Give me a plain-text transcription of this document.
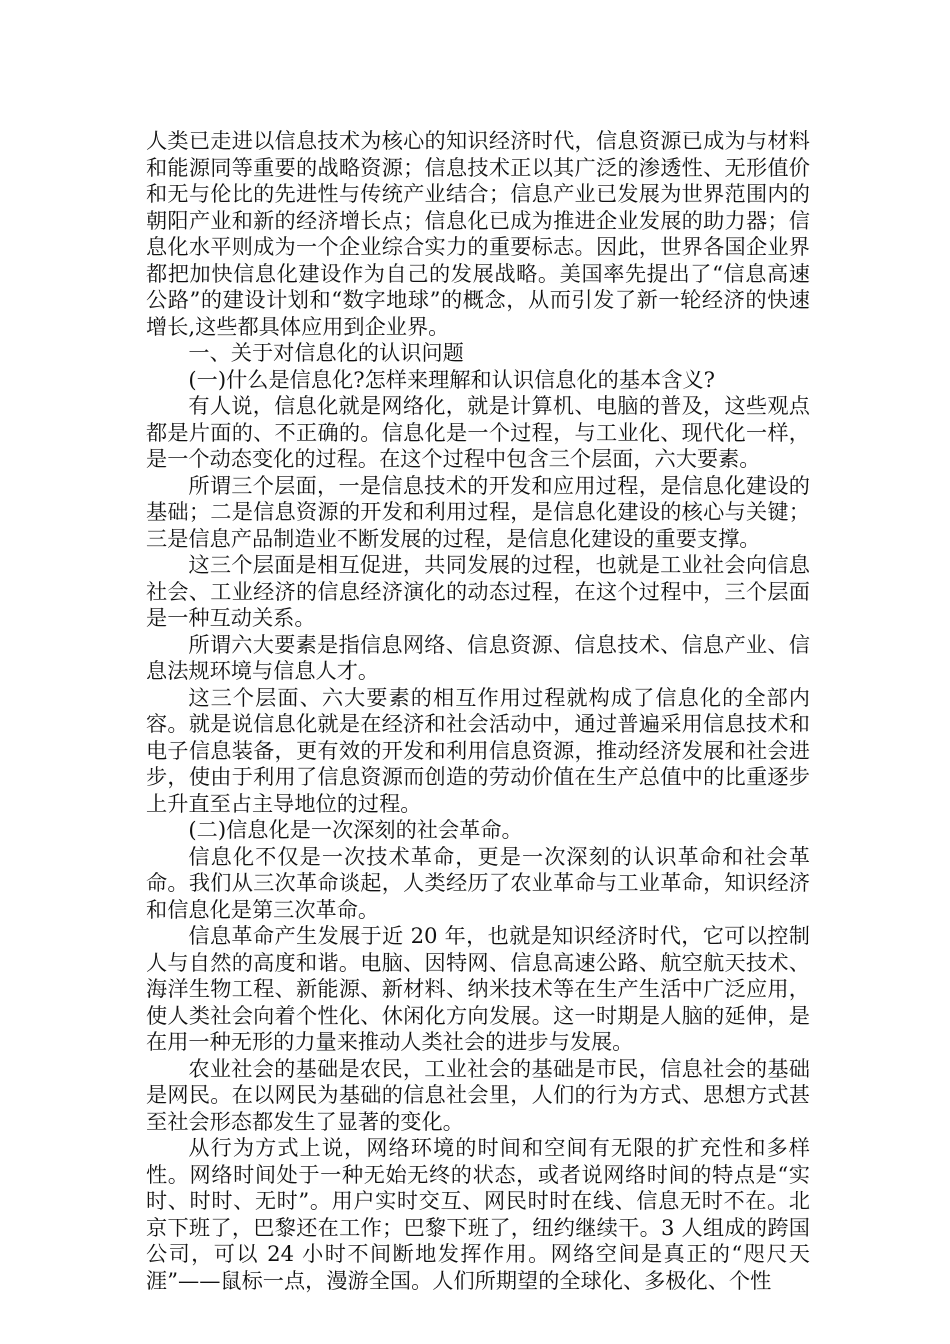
人类已走进以信息技术为核心的知识经济时代，信息资源已成为与材料和能源同等重要的战略资源；信息技术正以其广泛的渗透性、无形值价和无与伦比的先进性与传统产业结合；信息产业已发展为世界范围内的朝阳产业和新的经济增长点；信息化已成为推进企业发展的助力器；信息化水平则成为一个企业综合实力的重要标志。因此，世界各国企业界都把加快信息化建设作为自己的发展战略。美国率先提出了“信息高速公路”的建设计划和“数字地球”的概念，从而引发了新一轮经济的快速增长,这些都具体应用到企业界。

一、关于对信息化的认识问题

(一)什么是信息化?怎样来理解和认识信息化的基本含义?

有人说，信息化就是网络化，就是计算机、电脑的普及，这些观点都是片面的、不正确的。信息化是一个过程，与工业化、现代化一样，是一个动态变化的过程。在这个过程中包含三个层面，六大要素。

所谓三个层面，一是信息技术的开发和应用过程，是信息化建设的基础；二是信息资源的开发和利用过程，是信息化建设的核心与关键；三是信息产品制造业不断发展的过程，是信息化建设的重要支撑。

这三个层面是相互促进，共同发展的过程，也就是工业社会向信息社会、工业经济的信息经济演化的动态过程，在这个过程中，三个层面是一种互动关系。

所谓六大要素是指信息网络、信息资源、信息技术、信息产业、信息法规环境与信息人才。

这三个层面、六大要素的相互作用过程就构成了信息化的全部内容。就是说信息化就是在经济和社会活动中，通过普遍采用信息技术和电子信息装备，更有效的开发和利用信息资源，推动经济发展和社会进步，使由于利用了信息资源而创造的劳动价值在生产总值中的比重逐步上升直至占主导地位的过程。

(二)信息化是一次深刻的社会革命。

信息化不仅是一次技术革命，更是一次深刻的认识革命和社会革命。我们从三次革命谈起，人类经历了农业革命与工业革命，知识经济和信息化是第三次革命。

信息革命产生发展于近 20 年，也就是知识经济时代，它可以控制人与自然的高度和谐。电脑、因特网、信息高速公路、航空航天技术、海洋生物工程、新能源、新材料、纳米技术等在生产生活中广泛应用，使人类社会向着个性化、休闲化方向发展。这一时期是人脑的延伸，是在用一种无形的力量来推动人类社会的进步与发展。

农业社会的基础是农民，工业社会的基础是市民，信息社会的基础是网民。在以网民为基础的信息社会里，人们的行为方式、思想方式甚至社会形态都发生了显著的变化。

从行为方式上说，网络环境的时间和空间有无限的扩充性和多样性。网络时间处于一种无始无终的状态，或者说网络时间的特点是“实时、时时、无时”。用户实时交互、网民时时在线、信息无时不在。北京下班了，巴黎还在工作；巴黎下班了，纽约继续干。3 人组成的跨国公司，可以 24 小时不间断地发挥作用。网络空间是真正的“咫尺天涯”——鼠标一点，漫游全国。人们所期望的全球化、多极化、个性
